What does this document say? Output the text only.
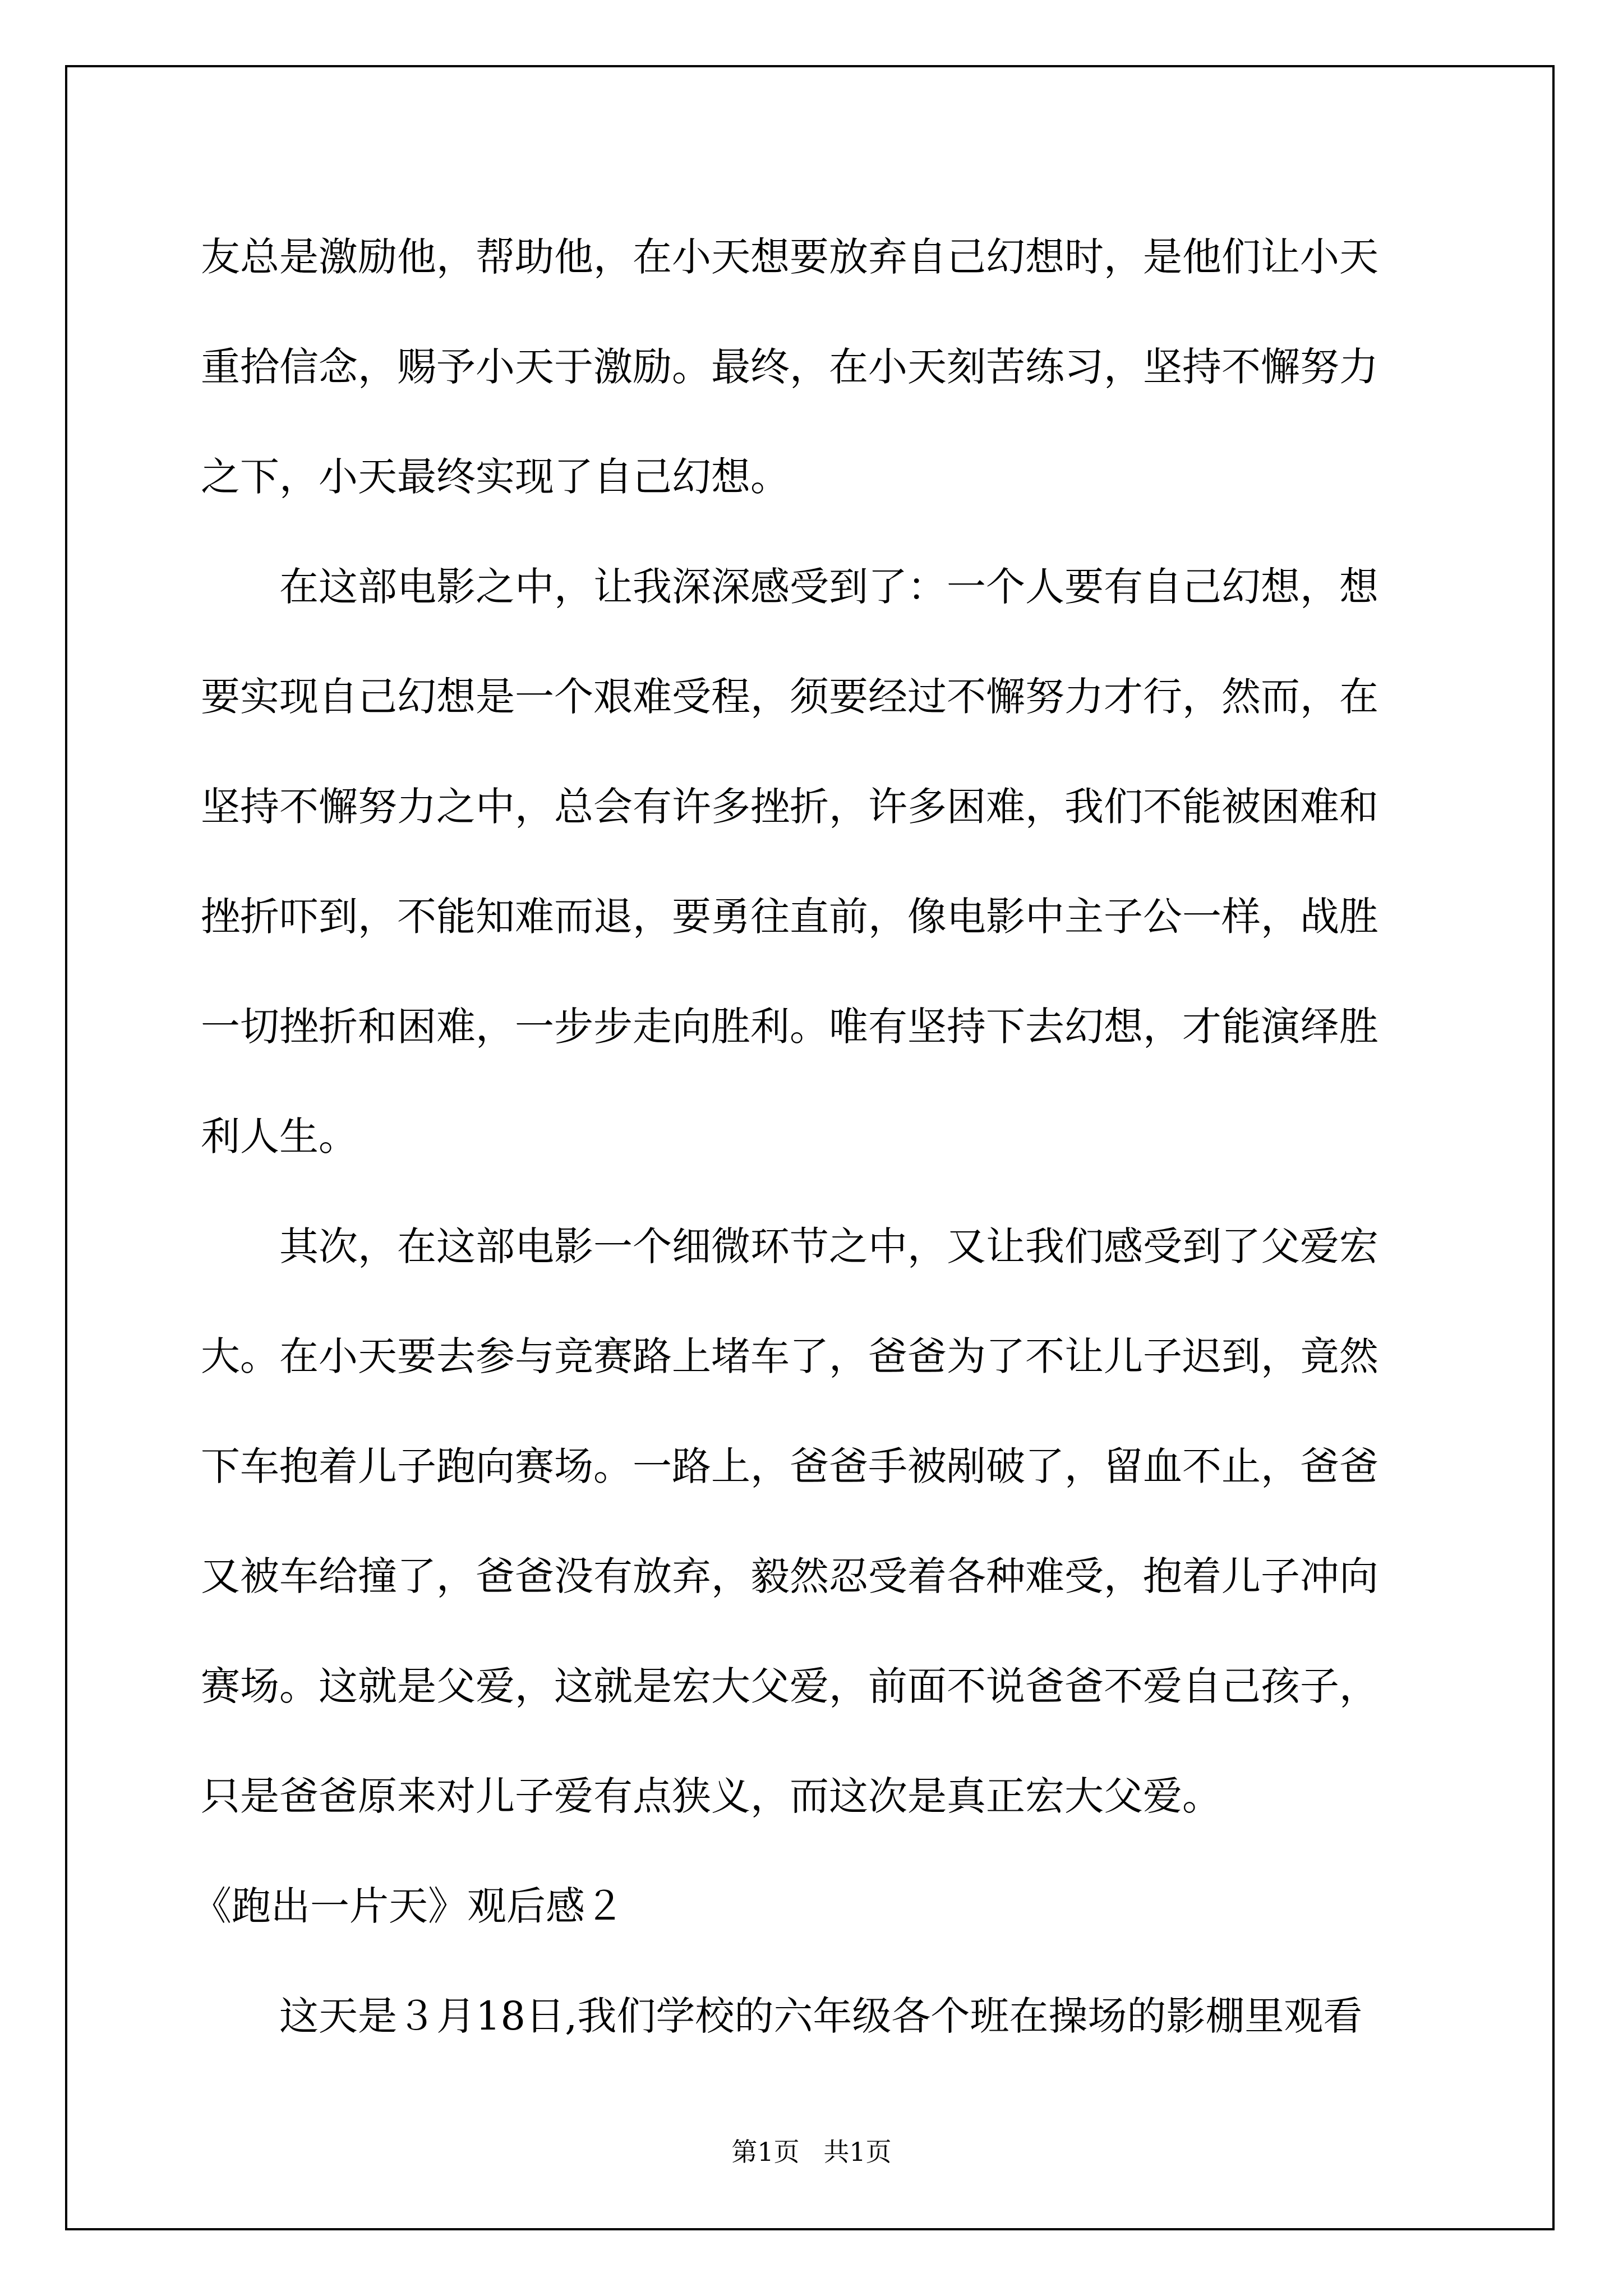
友总是激励他，帮助他，在小天想要放弃自己幻想时，是他们让小天

重拾信念，赐予小天于激励。最终，在小天刻苦练习，坚持不懈努力

之下，小天最终实现了自己幻想。

在这部电影之中，让我深深感受到了：一个人要有自己幻想，想

要实现自己幻想是一个艰难受程，须要经过不懈努力才行，然而，在

坚持不懈努力之中，总会有许多挫折，许多困难，我们不能被困难和

挫折吓到，不能知难而退，要勇往直前，像电影中主子公一样，战胜

一切挫折和困难，一步步走向胜利。唯有坚持下去幻想，才能演绎胜

利人生。

其次，在这部电影一个细微环节之中，又让我们感受到了父爱宏

大。在小天要去参与竞赛路上堵车了，爸爸为了不让儿子迟到，竟然

下车抱着儿子跑向赛场。一路上，爸爸手被剐破了，留血不止，爸爸

又被车给撞了，爸爸没有放弃，毅然忍受着各种难受，抱着儿子冲向

赛场。这就是父爱，这就是宏大父爱，前面不说爸爸不爱自己孩子，

只是爸爸原来对儿子爱有点狭义，而这次是真正宏大父爱。

《跑出一片天》观后感２

这天是３月18日,我们学校的六年级各个班在操场的影棚里观看

第1页 共1页
